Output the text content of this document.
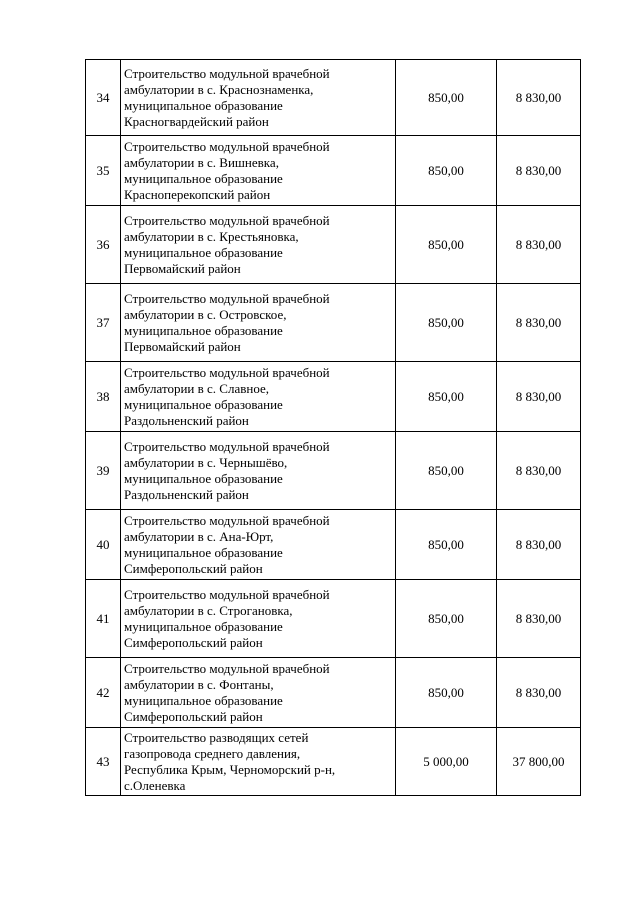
34	Строительство модульной врачебной
амбулатории в с. Краснознаменка,
муниципальное образование
Красногвардейский район	850,00	8 830,00
35	Строительство модульной врачебной
амбулатории в с. Вишневка,
муниципальное образование
Красноперекопский район	850,00	8 830,00
36	Строительство модульной врачебной
амбулатории в с. Крестьяновка,
муниципальное образование
Первомайский район	850,00	8 830,00
37	Строительство модульной врачебной
амбулатории в с. Островское,
муниципальное образование
Первомайский район	850,00	8 830,00
38	Строительство модульной врачебной
амбулатории в с. Славное,
муниципальное образование
Раздольненский район	850,00	8 830,00
39	Строительство модульной врачебной
амбулатории в с. Чернышёво,
муниципальное образование
Раздольненский район	850,00	8 830,00
40	Строительство модульной врачебной
амбулатории в с. Ана-Юрт,
муниципальное образование
Симферопольский район	850,00	8 830,00
41	Строительство модульной врачебной
амбулатории в с. Строгановка,
муниципальное образование
Симферопольский район	850,00	8 830,00
42	Строительство модульной врачебной
амбулатории в с. Фонтаны,
муниципальное образование
Симферопольский район	850,00	8 830,00
43	Строительство разводящих сетей
газопровода среднего давления,
Республика Крым, Черноморский р-н,
с.Оленевка	5 000,00	37 800,00
